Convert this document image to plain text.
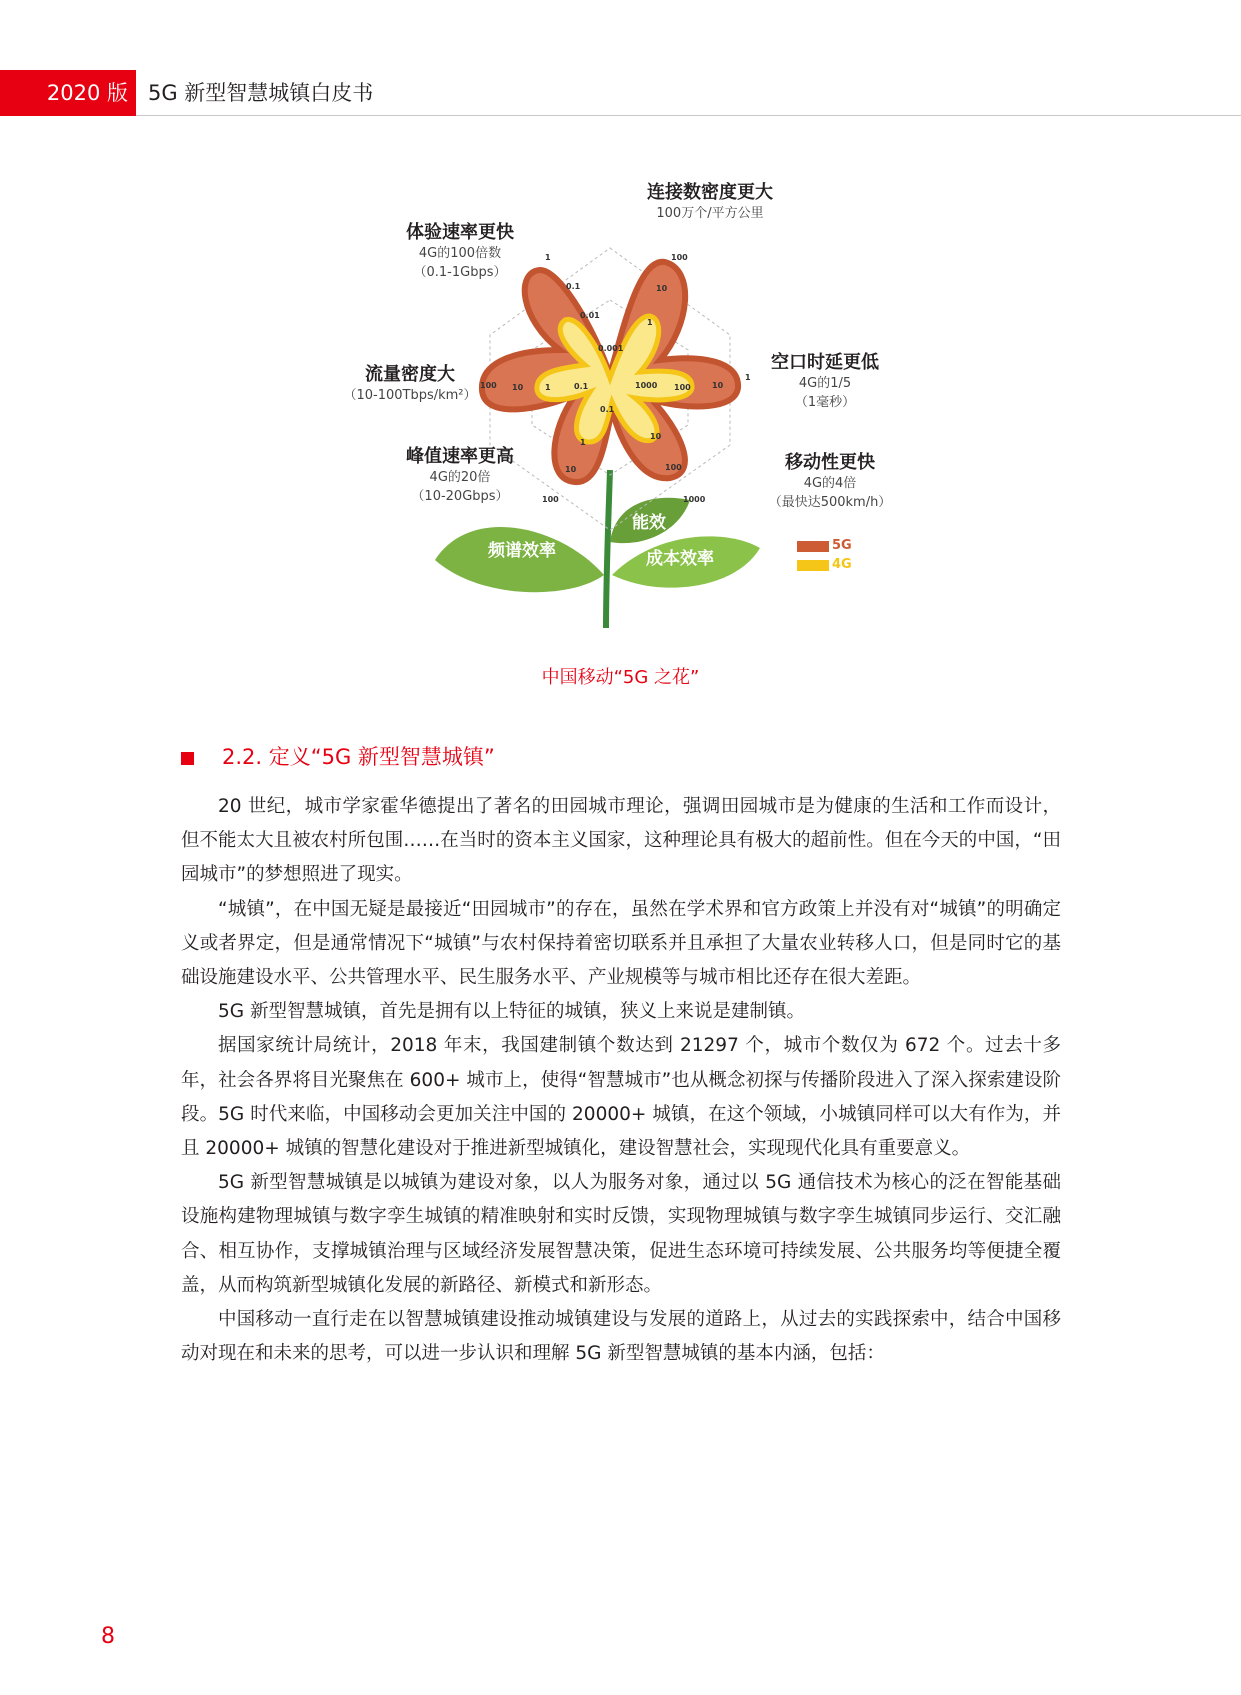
2020 版 5G 新型智慧城镇白皮书
连接数密度更大
100万个/平方公里
体验速率更快
4G的100倍数
（0.1-1Gbps）
空口时延更低
4G的1/5
（1毫秒）
流量密度大
（10-100Tbps/km²）
峰值速率更高
4G的20倍
（10-20Gbps）
移动性更快
4G的4倍
（最快达500km/h）
1
0.1
0.01
0.001
100
10
1
1
10
100
1000
100 10	1	0.1
0.1
100
10
1
1000
100
10
频谱效率
能效
成本效率
5G
4G
中国移动“5G 之花”
2.2. 定义“5G 新型智慧城镇”

20 世纪，城市学家霍华德提出了著名的田园城市理论，强调田园城市是为健康的生活和工作而设计，但不能太大且被农村所包围……在当时的资本主义国家，这种理论具有极大的超前性。但在今天的中国，“田园城市”的梦想照进了现实。

“城镇”，在中国无疑是最接近“田园城市”的存在，虽然在学术界和官方政策上并没有对“城镇”的明确定义或者界定，但是通常情况下“城镇”与农村保持着密切联系并且承担了大量农业转移人口，但是同时它的基础设施建设水平、公共管理水平、民生服务水平、产业规模等与城市相比还存在很大差距。

5G 新型智慧城镇，首先是拥有以上特征的城镇，狭义上来说是建制镇。

据国家统计局统计，2018 年末，我国建制镇个数达到 21297 个，城市个数仅为 672 个。过去十多年，社会各界将目光聚焦在 600+ 城市上，使得“智慧城市”也从概念初探与传播阶段进入了深入探索建设阶段。5G 时代来临，中国移动会更加关注中国的 20000+ 城镇，在这个领域，小城镇同样可以大有作为，并且 20000+ 城镇的智慧化建设对于推进新型城镇化，建设智慧社会，实现现代化具有重要意义。

5G 新型智慧城镇是以城镇为建设对象，以人为服务对象，通过以 5G 通信技术为核心的泛在智能基础设施构建物理城镇与数字孪生城镇的精准映射和实时反馈，实现物理城镇与数字孪生城镇同步运行、交汇融合、相互协作，支撑城镇治理与区域经济发展智慧决策，促进生态环境可持续发展、公共服务均等便捷全覆盖，从而构筑新型城镇化发展的新路径、新模式和新形态。

中国移动一直行走在以智慧城镇建设推动城镇建设与发展的道路上，从过去的实践探索中，结合中国移动对现在和未来的思考，可以进一步认识和理解 5G 新型智慧城镇的基本内涵，包括：

8
